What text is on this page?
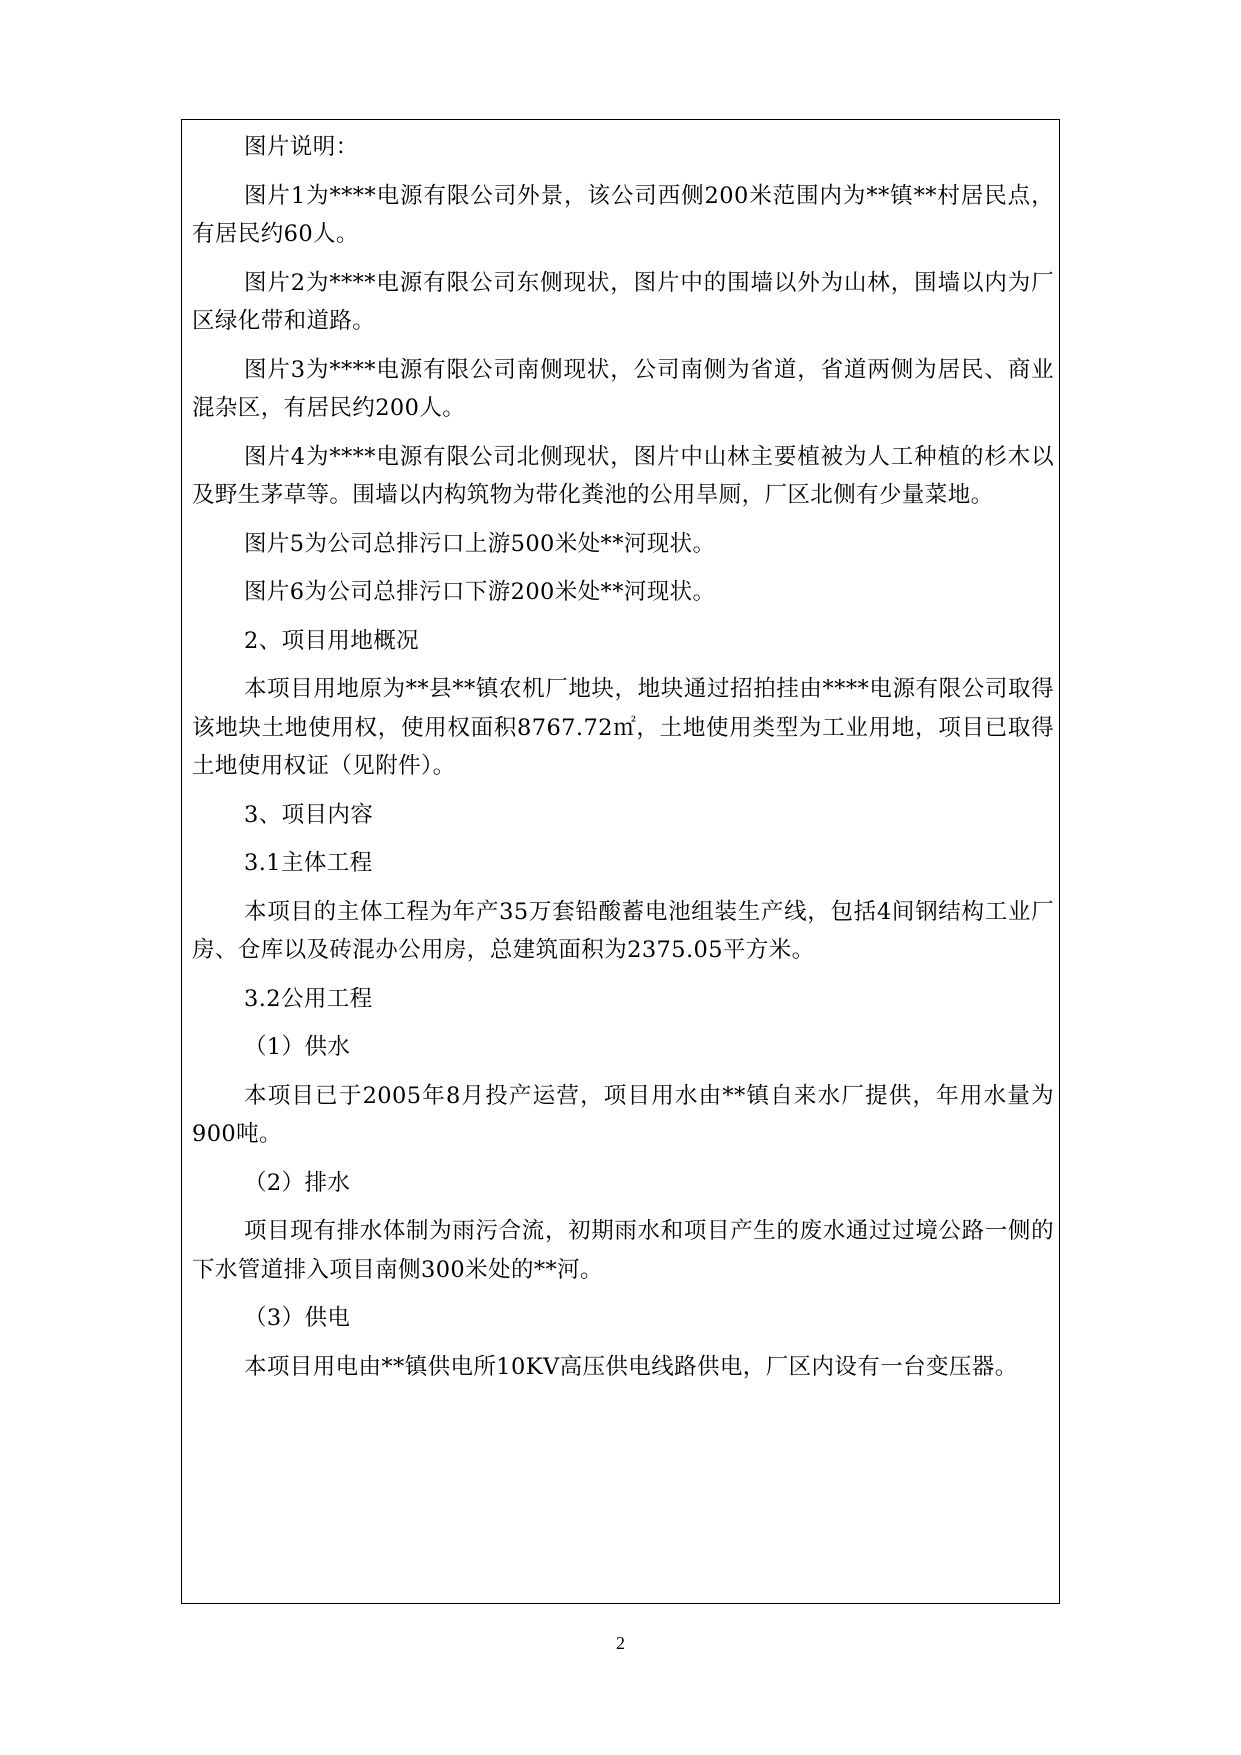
图片说明：

图片1为****电源有限公司外景，该公司西侧200米范围内为**镇**村居民点，有居民约60人。

图片2为****电源有限公司东侧现状，图片中的围墙以外为山林，围墙以内为厂区绿化带和道路。

图片3为****电源有限公司南侧现状，公司南侧为省道，省道两侧为居民、商业混杂区，有居民约200人。

图片4为****电源有限公司北侧现状，图片中山林主要植被为人工种植的杉木以及野生茅草等。围墙以内构筑物为带化粪池的公用旱厕，厂区北侧有少量菜地。

图片5为公司总排污口上游500米处**河现状。

图片6为公司总排污口下游200米处**河现状。

2、项目用地概况

本项目用地原为**县**镇农机厂地块，地块通过招拍挂由****电源有限公司取得该地块土地使用权，使用权面积8767.72㎡，土地使用类型为工业用地，项目已取得土地使用权证（见附件）。

3、项目内容

3.1主体工程

本项目的主体工程为年产35万套铅酸蓄电池组装生产线，包括4间钢结构工业厂房、仓库以及砖混办公用房，总建筑面积为2375.05平方米。

3.2公用工程

（1）供水

本项目已于2005年8月投产运营，项目用水由**镇自来水厂提供，年用水量为900吨。

（2）排水

项目现有排水体制为雨污合流，初期雨水和项目产生的废水通过过境公路一侧的下水管道排入项目南侧300米处的**河。

（3）供电

本项目用电由**镇供电所10KV高压供电线路供电，厂区内设有一台变压器。

2
